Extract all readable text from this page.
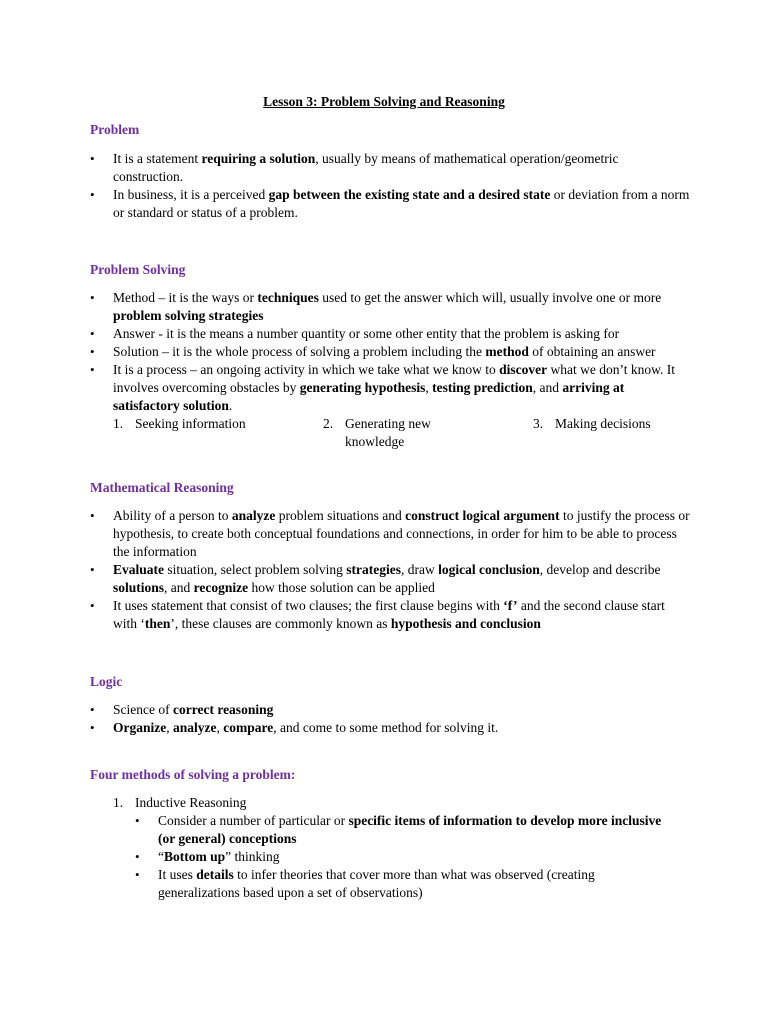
Lesson 3: Problem Solving and Reasoning
Problem
• It is a statement requiring a solution, usually by means of mathematical operation/geometric construction.
• In business, it is a perceived gap between the existing state and a desired state or deviation from a norm or standard or status of a problem.
Problem Solving
• Method – it is the ways or techniques used to get the answer which will, usually involve one or more problem solving strategies
• Answer - it is the means a number quantity or some other entity that the problem is asking for
• Solution – it is the whole process of solving a problem including the method of obtaining an answer
• It is a process – an ongoing activity in which we take what we know to discover what we don’t know. It involves overcoming obstacles by generating hypothesis, testing prediction, and arriving at satisfactory solution.
1. Seeking information	2. Generating new knowledge
3. Making decisions
Mathematical Reasoning
• Ability of a person to analyze problem situations and construct logical argument to justify the process or hypothesis, to create both conceptual foundations and connections, in order for him to be able to process the information
• Evaluate situation, select problem solving strategies, draw logical conclusion, develop and describe solutions, and recognize how those solution can be applied
• It uses statement that consist of two clauses; the first clause begins with ‘f’ and the second clause start with ‘then’, these clauses are commonly known as hypothesis and conclusion
Logic
• Science of correct reasoning
• Organize, analyze, compare, and come to some method for solving it.
Four methods of solving a problem:
1. Inductive Reasoning
• Consider a number of particular or specific items of information to develop more inclusive (or general) conceptions
• “Bottom up” thinking
• It uses details to infer theories that cover more than what was observed (creating generalizations based upon a set of observations)
